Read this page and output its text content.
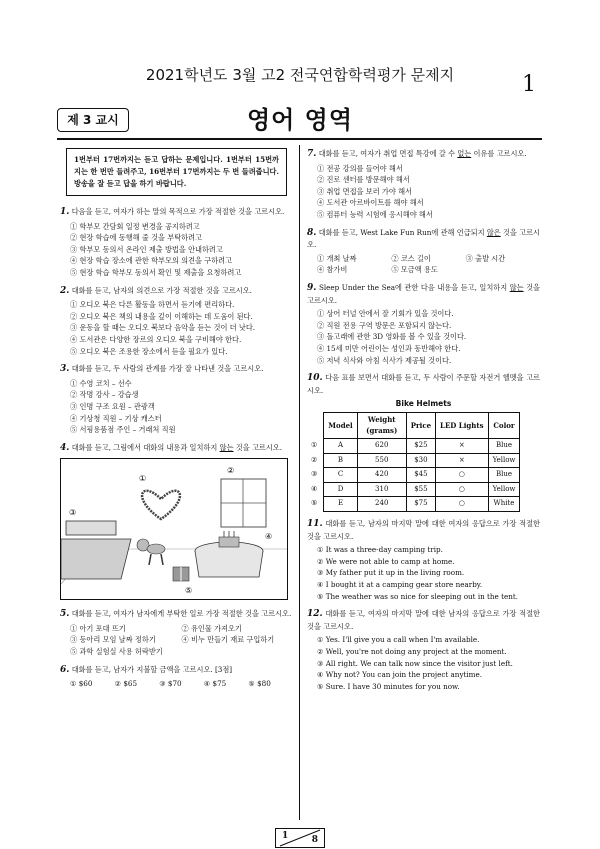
2021학년도 3월 고2 전국연합학력평가 문제지	1
제 3 교시	영어 영역
1번부터 17번까지는 듣고 답하는 문제입니다. 1번부터 15번까지는 한 번만 들려주고, 16번부터 17번까지는 두 번 들려줍니다. 방송을 잘 듣고 답을 하기 바랍니다.
1. 다음을 듣고, 여자가 하는 말의 목적으로 가장 적절한 것을 고르시오.
① 학부모 간담회 일정 변경을 공지하려고
② 현장 학습에 동행해 줄 것을 부탁하려고
③ 학부모 동의서 온라인 제출 방법을 안내하려고
④ 현장 학습 장소에 관한 학부모의 의견을 구하려고
⑤ 현장 학습 학부모 동의서 확인 및 제출을 요청하려고
2. 대화를 듣고, 남자의 의견으로 가장 적절한 것을 고르시오.
① 오디오 북은 다른 활동을 하면서 듣기에 편리하다.
② 오디오 북은 책의 내용을 깊이 이해하는 데 도움이 된다.
③ 운동을 할 때는 오디오 북보다 음악을 듣는 것이 더 낫다.
④ 도서관은 다양한 장르의 오디오 북을 구비해야 한다.
⑤ 오디오 북은 조용한 장소에서 듣을 필요가 있다.
3. 대화를 듣고, 두 사람의 관계를 가장 잘 나타낸 것을 고르시오.
① 수영 코치 – 선수
② 작명 강사 – 강습생
③ 인명 구조 요원 – 관광객
④ 기상청 직원 – 기상 캐스터
⑤ 서핑용품점 주인 – 거래처 직원
4. 대화를 듣고, 그림에서 대화의 내용과 일치하지 않는 것을 고르시오.
①
②
③
④
⑤
5. 대화를 듣고, 여자가 남자에게 부탁한 일로 가장 적절한 것을 고르시오.
① 아기 포대 뜨기	② 유인물 가져오기
③ 동아리 모임 날짜 정하기	④ 비누 만들기 재료 구입하기
⑤ 과학 실험실 사용 허락받기
6. 대화를 듣고, 남자가 지불할 금액을 고르시오. [3점]
① $60	② $65	③ $70	④ $75	⑤ $80
7. 대화를 듣고, 여자가 취업 면접 특강에 갈 수 없는 이유를 고르시오.
① 전공 강의를 들어야 해서
② 진로 센터를 방문해야 해서
③ 취업 면접을 보러 가야 해서
④ 도서관 아르바이트를 해야 해서
⑤ 컴퓨터 능력 시험에 응시해야 해서
8. 대화를 듣고, West Lake Fun Run에 관해 언급되지 않은 것을 고르시오.
① 개최 날짜	② 코스 길이	③ 출발 시간
④ 참가비	⑤ 모금액 용도
9. Sleep Under the Sea에 관한 다음 내용을 듣고, 일치하지 않는 것을 고르시오.
① 상어 터널 안에서 잘 기회가 있을 것이다.
② 직원 전용 구역 방문은 포함되지 않는다.
③ 돌고래에 관한 3D 영화를 볼 수 있을 것이다.
④ 15세 미만 어린이는 성인과 동반해야 한다.
⑤ 저녁 식사와 아침 식사가 제공될 것이다.
10. 다음 표를 보면서 대화를 듣고, 두 사람이 주문할 자전거 헬멧을 고르시오.
Bike Helmets
	Model	Weight (grams)	Price	LED Lights	Color
①	A	620	$25	×	Blue
②	B	550	$30	×	Yellow
③	C	420	$45	○	Blue
④	D	310	$55	○	Yellow
⑤	E	240	$75	○	White
11. 대화를 듣고, 남자의 마지막 말에 대한 여자의 응답으로 가장 적절한 것을 고르시오.
① It was a three-day camping trip.
② We were not able to camp at home.
③ My father put it up in the living room.
④ I bought it at a camping gear store nearby.
⑤ The weather was so nice for sleeping out in the tent.
12. 대화를 듣고, 여자의 마지막 말에 대한 남자의 응답으로 가장 적절한 것을 고르시오.
① Yes. I'll give you a call when I'm available.
② Well, you're not doing any project at the moment.
③ All right. We can talk now since the visitor just left.
④ Why not? You can join the project anytime.
⑤ Sure. I have 30 minutes for you now.
1	8
